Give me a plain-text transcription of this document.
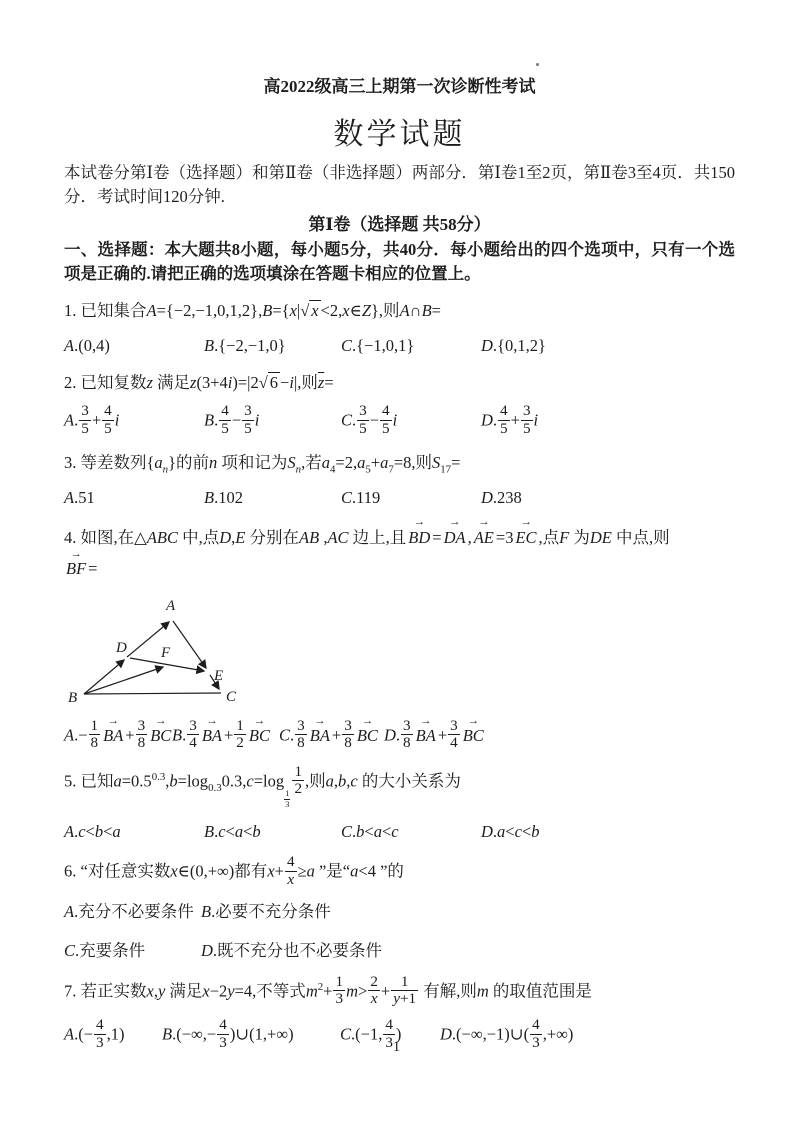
高2022级高三上期第一次诊断性考试
数学试题
本试卷分第Ⅰ卷（选择题）和第Ⅱ卷（非选择题）两部分．第Ⅰ卷1至2页，第Ⅱ卷3至4页．共150分．考试时间120分钟.
第Ⅰ卷（选择题 共58分）
一、选择题：本大题共8小题，每小题5分，共40分．每小题给出的四个选项中，只有一个选项是正确的.请把正确的选项填涂在答题卡相应的位置上。
1. 已知集合A={−2,−1,0,1,2},B={x|√ x <2,x∈Z},则A∩B=
A.(0,4)	B.{−2,−1,0}	C.{−1,0,1}	D.{0,1,2}
2. 已知复数z 满足z(3+4i)=|2√ 6 −i|,则$\overline{z}=$
A. $\frac{3}{5} + \frac{4}{5}$ i	B. $\frac{4}{5} - \frac{3}{5}$ i	C. $\frac{3}{5} - \frac{4}{5}$ i	D. $\frac{4}{5} + \frac{3}{5}$ i
3. 等差数列$\{a_n\}$的前n 项和记为$S_n$,若$a_4=2,a_5+a_7=8$,则$S_{17}=$
A.51	B.102	C.119	D.238
4. 如图,在△ABC 中,点D,E 分别在AB ,AC 边上,且 BD → = DA → , AE → =3 EC → ,点F 为DE 中点,则
BF → =
A
B	C
D
E
F
$A.- \frac{1}{8}$ BA → + $\frac{3}{8}$ BC → B. $\frac{3}{4}$ BA → + $\frac{1}{2}$ BC → C. $\frac{3}{8}$ BA → + $\frac{3}{8}$ BC → D. $\frac{3}{8}$ BA → + $\frac{3}{4}$ BC →
5. 已知$a=0.5^{0.3},b=\log_{0.3}0.3,c=\log$
$\frac{1}{3}$
$\frac{1}{2}$ ,则a,b,c 的大小关系为
A.c<b<a	B.c<a<b	C.b<a<c	D.a<c<b
6. “对任意实数x∈(0,+∞)都有$x+ \frac{4}{x} \ge a$ ”是“a<4 ”的
A.充分不必要条件 B.必要不充分条件
C.充要条件	D.既不充分也不必要条件
7. 若正实数x,y 满足x−2y=4,不等式$m^2+ \frac{1}{3} m> \frac{2}{x} + \frac{1}{y+1}$ 有解,则m 的取值范围是
$A.(- \frac{4}{3} ,1)$	$B.(-\infty,- \frac{4}{3}$ )∪(1,+∞)	C.(−1, $\frac{4}{3}$ )	D.(−∞,−1)∪( $\frac{4}{3}$ ,+∞)
1
